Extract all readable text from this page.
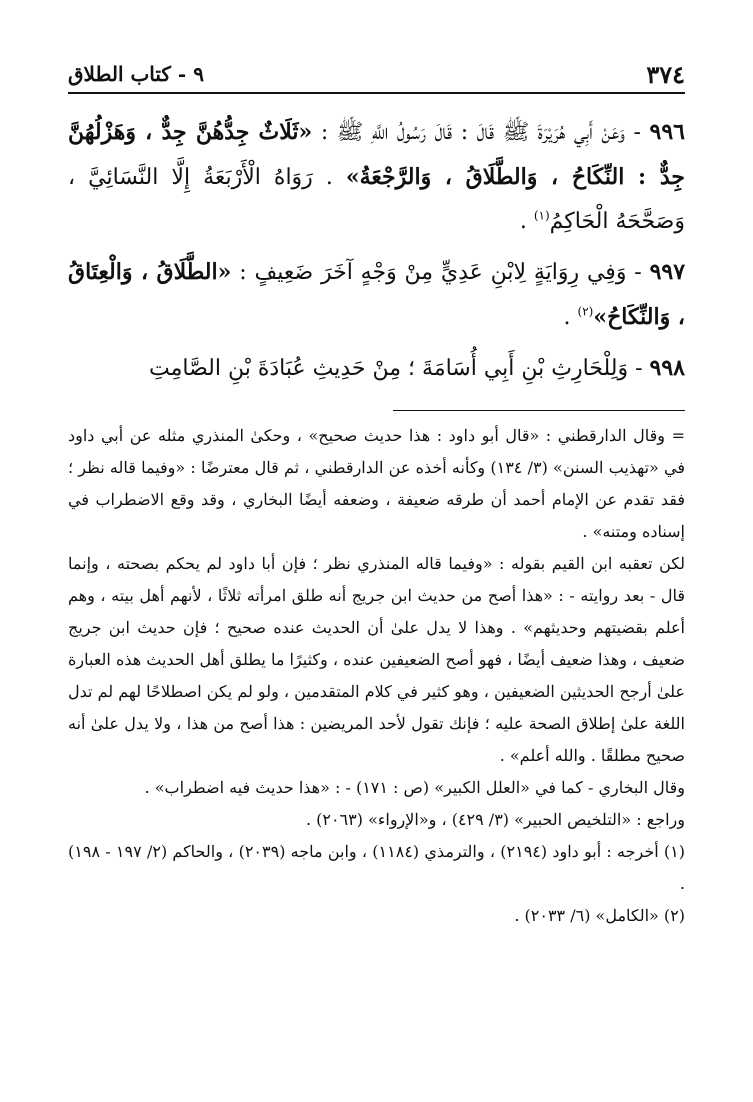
٣٧٤
٩ - كتاب الطلاق

٩٩٦ - وَعَنْ أَبِي هُرَيْرَةَ ﷺ قَالَ : قَالَ رَسُولُ اللَّهِ ﷺ : «ثَلَاثٌ جِدُّهُنَّ جِدٌّ ، وَهَزْلُهُنَّ جِدٌّ : النِّكَاحُ ، وَالطَّلَاقُ ، وَالرَّجْعَةُ» . رَوَاهُ الْأَرْبَعَةُ إِلَّا النَّسَائِيَّ ، وَصَحَّحَهُ الْحَاكِمُ$^{(١)}$ .

٩٩٧ - وَفِي رِوَايَةٍ لِابْنِ عَدِيٍّ مِنْ وَجْهٍ آخَرَ ضَعِيفٍ : «الطَّلَاقُ ، وَالْعِتَاقُ ، وَالنِّكَاحُ»$^{(٢)}$ .

٩٩٨ - وَلِلْحَارِثِ بْنِ أَبِي أُسَامَةَ ؛ مِنْ حَدِيثِ عُبَادَةَ بْنِ الصَّامِتِ

=وقال الدارقطني : «قال أبو داود : هذا حديث صحيح» ، وحكىٰ المنذري مثله عن أبي داود في «تهذيب السنن» (٣/ ١٣٤) وكأنه أخذه عن الدارقطني ، ثم قال معترضًا : «وفيما قاله نظر ؛ فقد تقدم عن الإمام أحمد أن طرقه ضعيفة ، وضعفه أيضًا البخاري ، وقد وقع الاضطراب في إسناده ومتنه» .

لكن تعقبه ابن القيم بقوله : «وفيما قاله المنذري نظر ؛ فإن أبا داود لم يحكم بصحته ، وإنما قال - بعد روايته - : «هذا أصح من حديث ابن جريج أنه طلق امرأته ثلاثًا ، لأنهم أهل بيته ، وهم أعلم بقضيتهم وحديثهم» . وهذا لا يدل علىٰ أن الحديث عنده صحيح ؛ فإن حديث ابن جريج ضعيف ، وهذا ضعيف أيضًا ، فهو أصح الضعيفين عنده ، وكثيرًا ما يطلق أهل الحديث هذه العبارة علىٰ أرجح الحديثين الضعيفين ، وهو كثير في كلام المتقدمين ، ولو لم يكن اصطلاحًا لهم لم تدل اللغة علىٰ إطلاق الصحة عليه ؛ فإنك تقول لأحد المريضين : هذا أصح من هذا ، ولا يدل علىٰ أنه صحيح مطلقًا . والله أعلم» .

وقال البخاري - كما في «العلل الكبير» (ص : ١٧١) - : «هذا حديث فيه اضطراب» .

وراجع : «التلخيص الحبير» (٣/ ٤٢٩) ، و«الإرواء» (٢٠٦٣) .

(١) أخرجه : أبو داود (٢١٩٤) ، والترمذي (١١٨٤) ، وابن ماجه (٢٠٣٩) ، والحاكم (٢/ ١٩٧ - ١٩٨) .

(٢) «الكامل» (٦/ ٢٠٣٣) .
